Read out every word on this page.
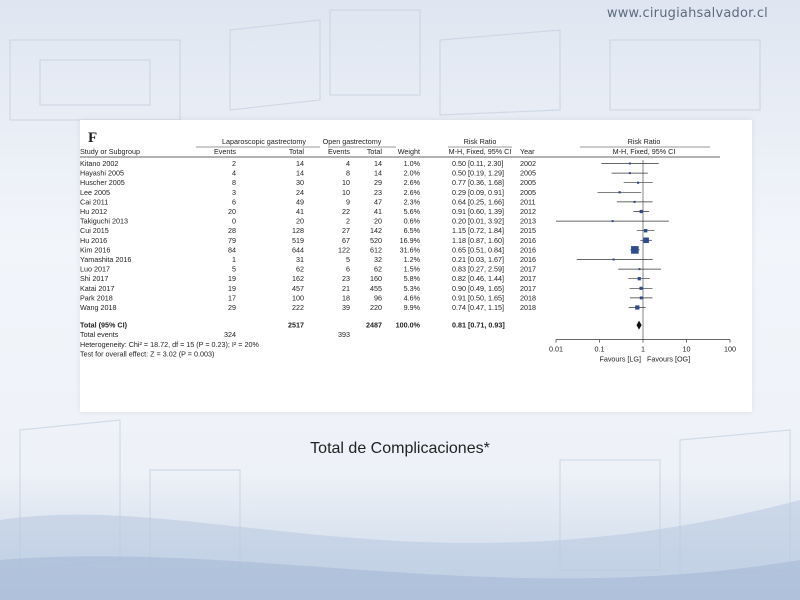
www.cirugiahsalvador.cl
F	Laparoscopic gastrectomy Open gastrectomy	Risk Ratio	Risk Ratio
Study or Subgroup	Events	Total	Events Total Weight	M-H, Fixed, 95% CI Year	M-H, Fixed, 95% CI
Kitano 2002	2	14	4	14	1.0%	0.50 [0.11, 2.30] 2002
Hayashi 2005	4	14	8	14	2.0%	0.50 [0.19, 1.29] 2005
Huscher 2005	8	30	10	29	2.6%	0.77 [0.36, 1.68] 2005
Lee 2005	3	24	10	23	2.6%	0.29 [0.09, 0.91] 2005
Cai 2011	6	49	9	47	2.3%	0.64 [0.25, 1.66] 2011
Hu 2012	20	41	22	41	5.6%	0.91 [0.60, 1.39] 2012
Takiguchi 2013	0	20	2	20	0.6%	0.20 [0.01, 3.92] 2013
Cui 2015	28	128	27	142	6.5%	1.15 [0.72, 1.84] 2015
Hu 2016	79	519	67	520 16.9%	1.18 [0.87, 1.60] 2016
Kim 2016	84	644	122	612 31.6%	0.65 [0.51, 0.84] 2016
Yamashita 2016	1	31	5	32	1.2%	0.21 [0.03, 1.67] 2016
Luo 2017	5	62	6	62	1.5%	0.83 [0.27, 2.59] 2017
Shi 2017	19	162	23	160	5.8%	0.82 [0.46, 1.44] 2017
Katai 2017	19	457	21	455	5.3%	0.90 [0.49, 1.65] 2017
Park 2018	17	100	18	96	4.6%	0.91 [0.50, 1.65] 2018
Wang 2018	29	222	39	220	9.9%	0.74 [0.47, 1.15] 2018
Total (95% CI)	2517	2487 100.0%	0.81 [0.71, 0.93]
Total events	324	393
Heterogeneity: Chi² = 18.72, df = 15 (P = 0.23); I² = 20%
Test for overall effect: Z = 3.02 (P = 0.003)
0.01	0.1	1	10	100
Favours [LG] Favours [OG]
Total de Complicaciones*
